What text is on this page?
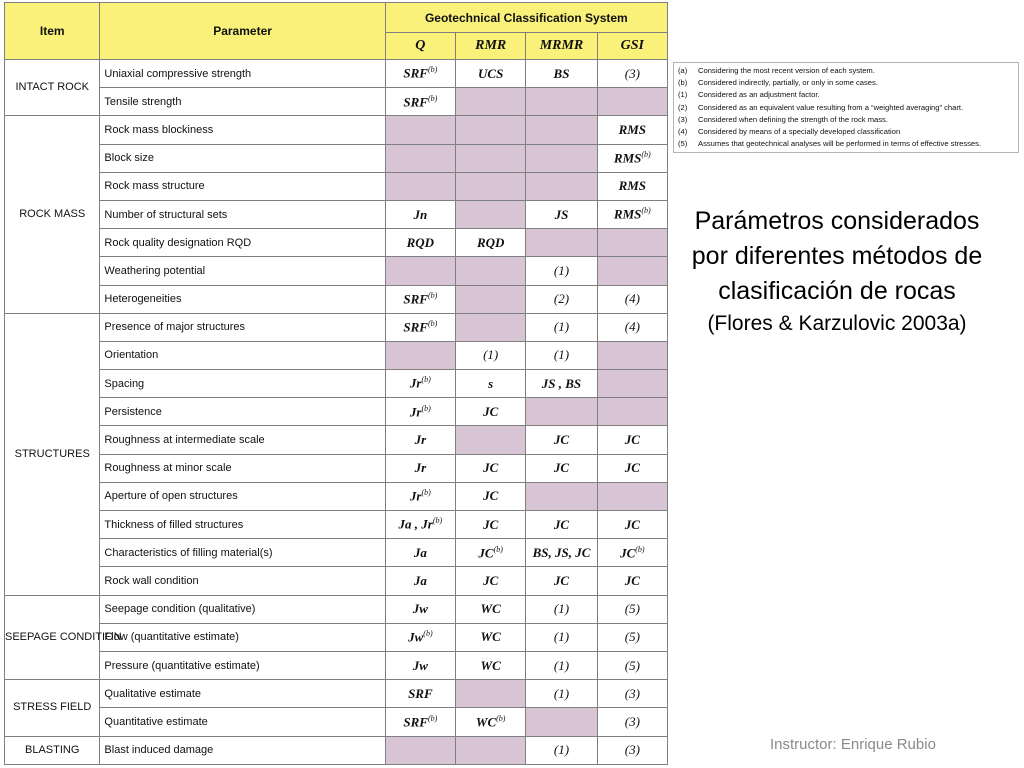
Item	Parameter	Geotechnical Classification System			
		Q	RMR	MRMR	GSI
INTACT ROCK	Uniaxial compressive strength	SRF$^{(b)}$	UCS	BS	(3)
	Tensile strength	SRF$^{(b)}$			
ROCK MASS	Rock mass blockiness				RMS
	Block size				RMS$^{(b)}$
	Rock mass structure				RMS
	Number of structural sets	Jn		JS	RMS$^{(b)}$
	Rock quality designation RQD	RQD	RQD		
	Weathering potential			(1)	
	Heterogeneities	SRF$^{(b)}$		(2)	(4)
STRUCTURES	Presence of major structures	SRF$^{(b)}$		(1)	(4)
	Orientation		(1)	(1)	
	Spacing	Jr$^{(b)}$	s	JS , BS	
	Persistence	Jr$^{(b)}$	JC		
	Roughness at intermediate scale	Jr		JC	JC
	Roughness at minor scale	Jr	JC	JC	JC
	Aperture of open structures	Jr$^{(b)}$	JC		
	Thickness of filled structures	Ja , Jr$^{(b)}$	JC	JC	JC
	Characteristics of filling material(s)	Ja	JC$^{(b)}$	BS, JS, JC	JC$^{(b)}$
	Rock wall condition	Ja	JC	JC	JC
SEEPAGE CONDITION	Seepage condition (qualitative)	Jw	WC	(1)	(5)
	Flow (quantitative estimate)	Jw$^{(b)}$	WC	(1)	(5)
	Pressure (quantitative estimate)	Jw	WC	(1)	(5)
STRESS FIELD	Qualitative estimate	SRF		(1)	(3)
	Quantitative estimate	SRF$^{(b)}$	WC$^{(b)}$		(3)
BLASTING	Blast induced damage			(1)	(3)
(a)	Considering the most recent version of each system.
(b)	Considered indirectly, partially, or only in some cases.
(1)	Considered as an adjustment factor.
(2)	Considered as an equivalent value resulting from a “weighted averaging” chart.
(3)	Considered when defining the strength of the rock mass.
(4)	Considered by means of a specially developed classification
(5)	Assumes that geotechnical analyses will be performed in terms of effective stresses.
Parámetros considerados
por diferentes métodos de
clasificación de rocas
(Flores & Karzulovic 2003a)
Instructor: Enrique Rubio
